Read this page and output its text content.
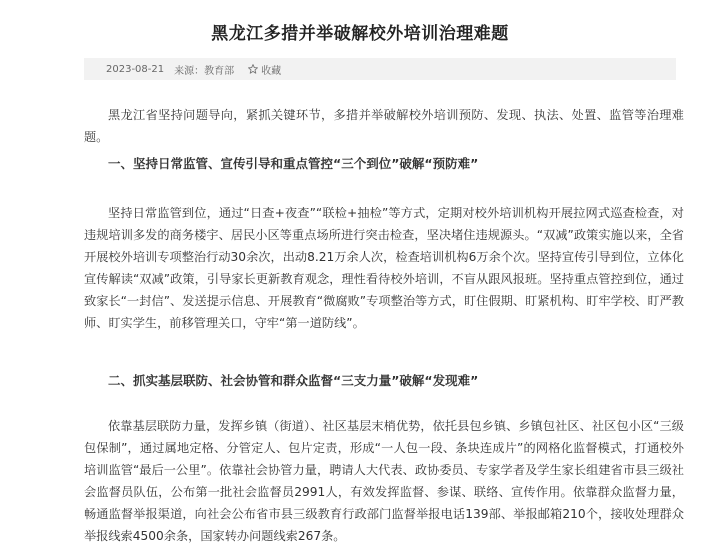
黑龙江多措并举破解校外培训治理难题
2023-08-21 来源：教育部	收藏

黑龙江省坚持问题导向，紧抓关键环节，多措并举破解校外培训预防、发现、执法、处置、监管等治理难题。

一、坚持日常监管、宣传引导和重点管控“三个到位”破解“预防难”

坚持日常监管到位，通过“日查+夜查”“联检+抽检”等方式，定期对校外培训机构开展拉网式巡查检查，对违规培训多发的商务楼宇、居民小区等重点场所进行突击检查，坚决堵住违规源头。“双减”政策实施以来，全省开展校外培训专项整治行动30余次，出动8.21万余人次，检查培训机构6万余个次。坚持宣传引导到位，立体化宣传解读“双减”政策，引导家长更新教育观念，理性看待校外培训，不盲从跟风报班。坚持重点管控到位，通过致家长“一封信”、发送提示信息、开展教育“微腐败”专项整治等方式，盯住假期、盯紧机构、盯牢学校、盯严教师、盯实学生，前移管理关口，守牢“第一道防线”。

二、抓实基层联防、社会协管和群众监督“三支力量”破解“发现难”

依靠基层联防力量，发挥乡镇（街道）、社区基层末梢优势，依托县包乡镇、乡镇包社区、社区包小区“三级包保制”，通过属地定格、分管定人、包片定责，形成“一人包一段、条块连成片”的网格化监督模式，打通校外培训监管“最后一公里”。依靠社会协管力量，聘请人大代表、政协委员、专家学者及学生家长组建省市县三级社会监督员队伍，公布第一批社会监督员2991人，有效发挥监督、参谋、联络、宣传作用。依靠群众监督力量，畅通监督举报渠道，向社会公布省市县三级教育行政部门监督举报电话139部、举报邮箱210个，接收处理群众举报线索4500余条，国家转办问题线索267条。
